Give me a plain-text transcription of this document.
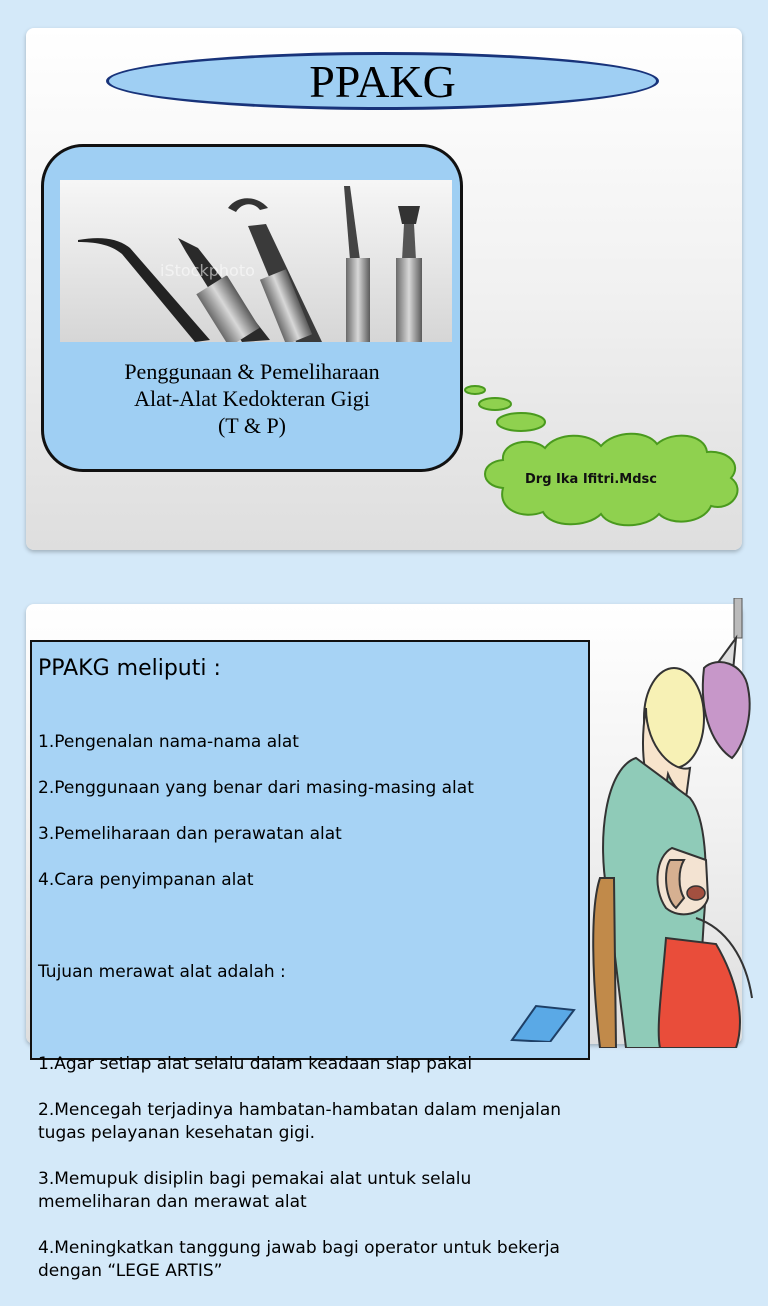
PPAKG
iStockphoto
Penggunaan & Pemeliharaan
Alat-Alat Kedokteran Gigi
(T & P)
Drg Ika Ifitri.Mdsc
PPAKG meliputi :

1.Pengenalan nama-nama alat

2.Penggunaan yang benar dari masing-masing alat

3.Pemeliharaan dan perawatan alat

4.Cara penyimpanan alat

Tujuan merawat alat adalah :

1.Agar setiap alat selalu dalam keadaan siap pakai

2.Mencegah terjadinya hambatan-hambatan dalam menjalan tugas pelayanan kesehatan gigi.

3.Memupuk disiplin bagi pemakai alat untuk selalu memeliharan dan merawat alat

4.Meningkatkan tanggung jawab bagi operator untuk bekerja dengan “LEGE ARTIS”
